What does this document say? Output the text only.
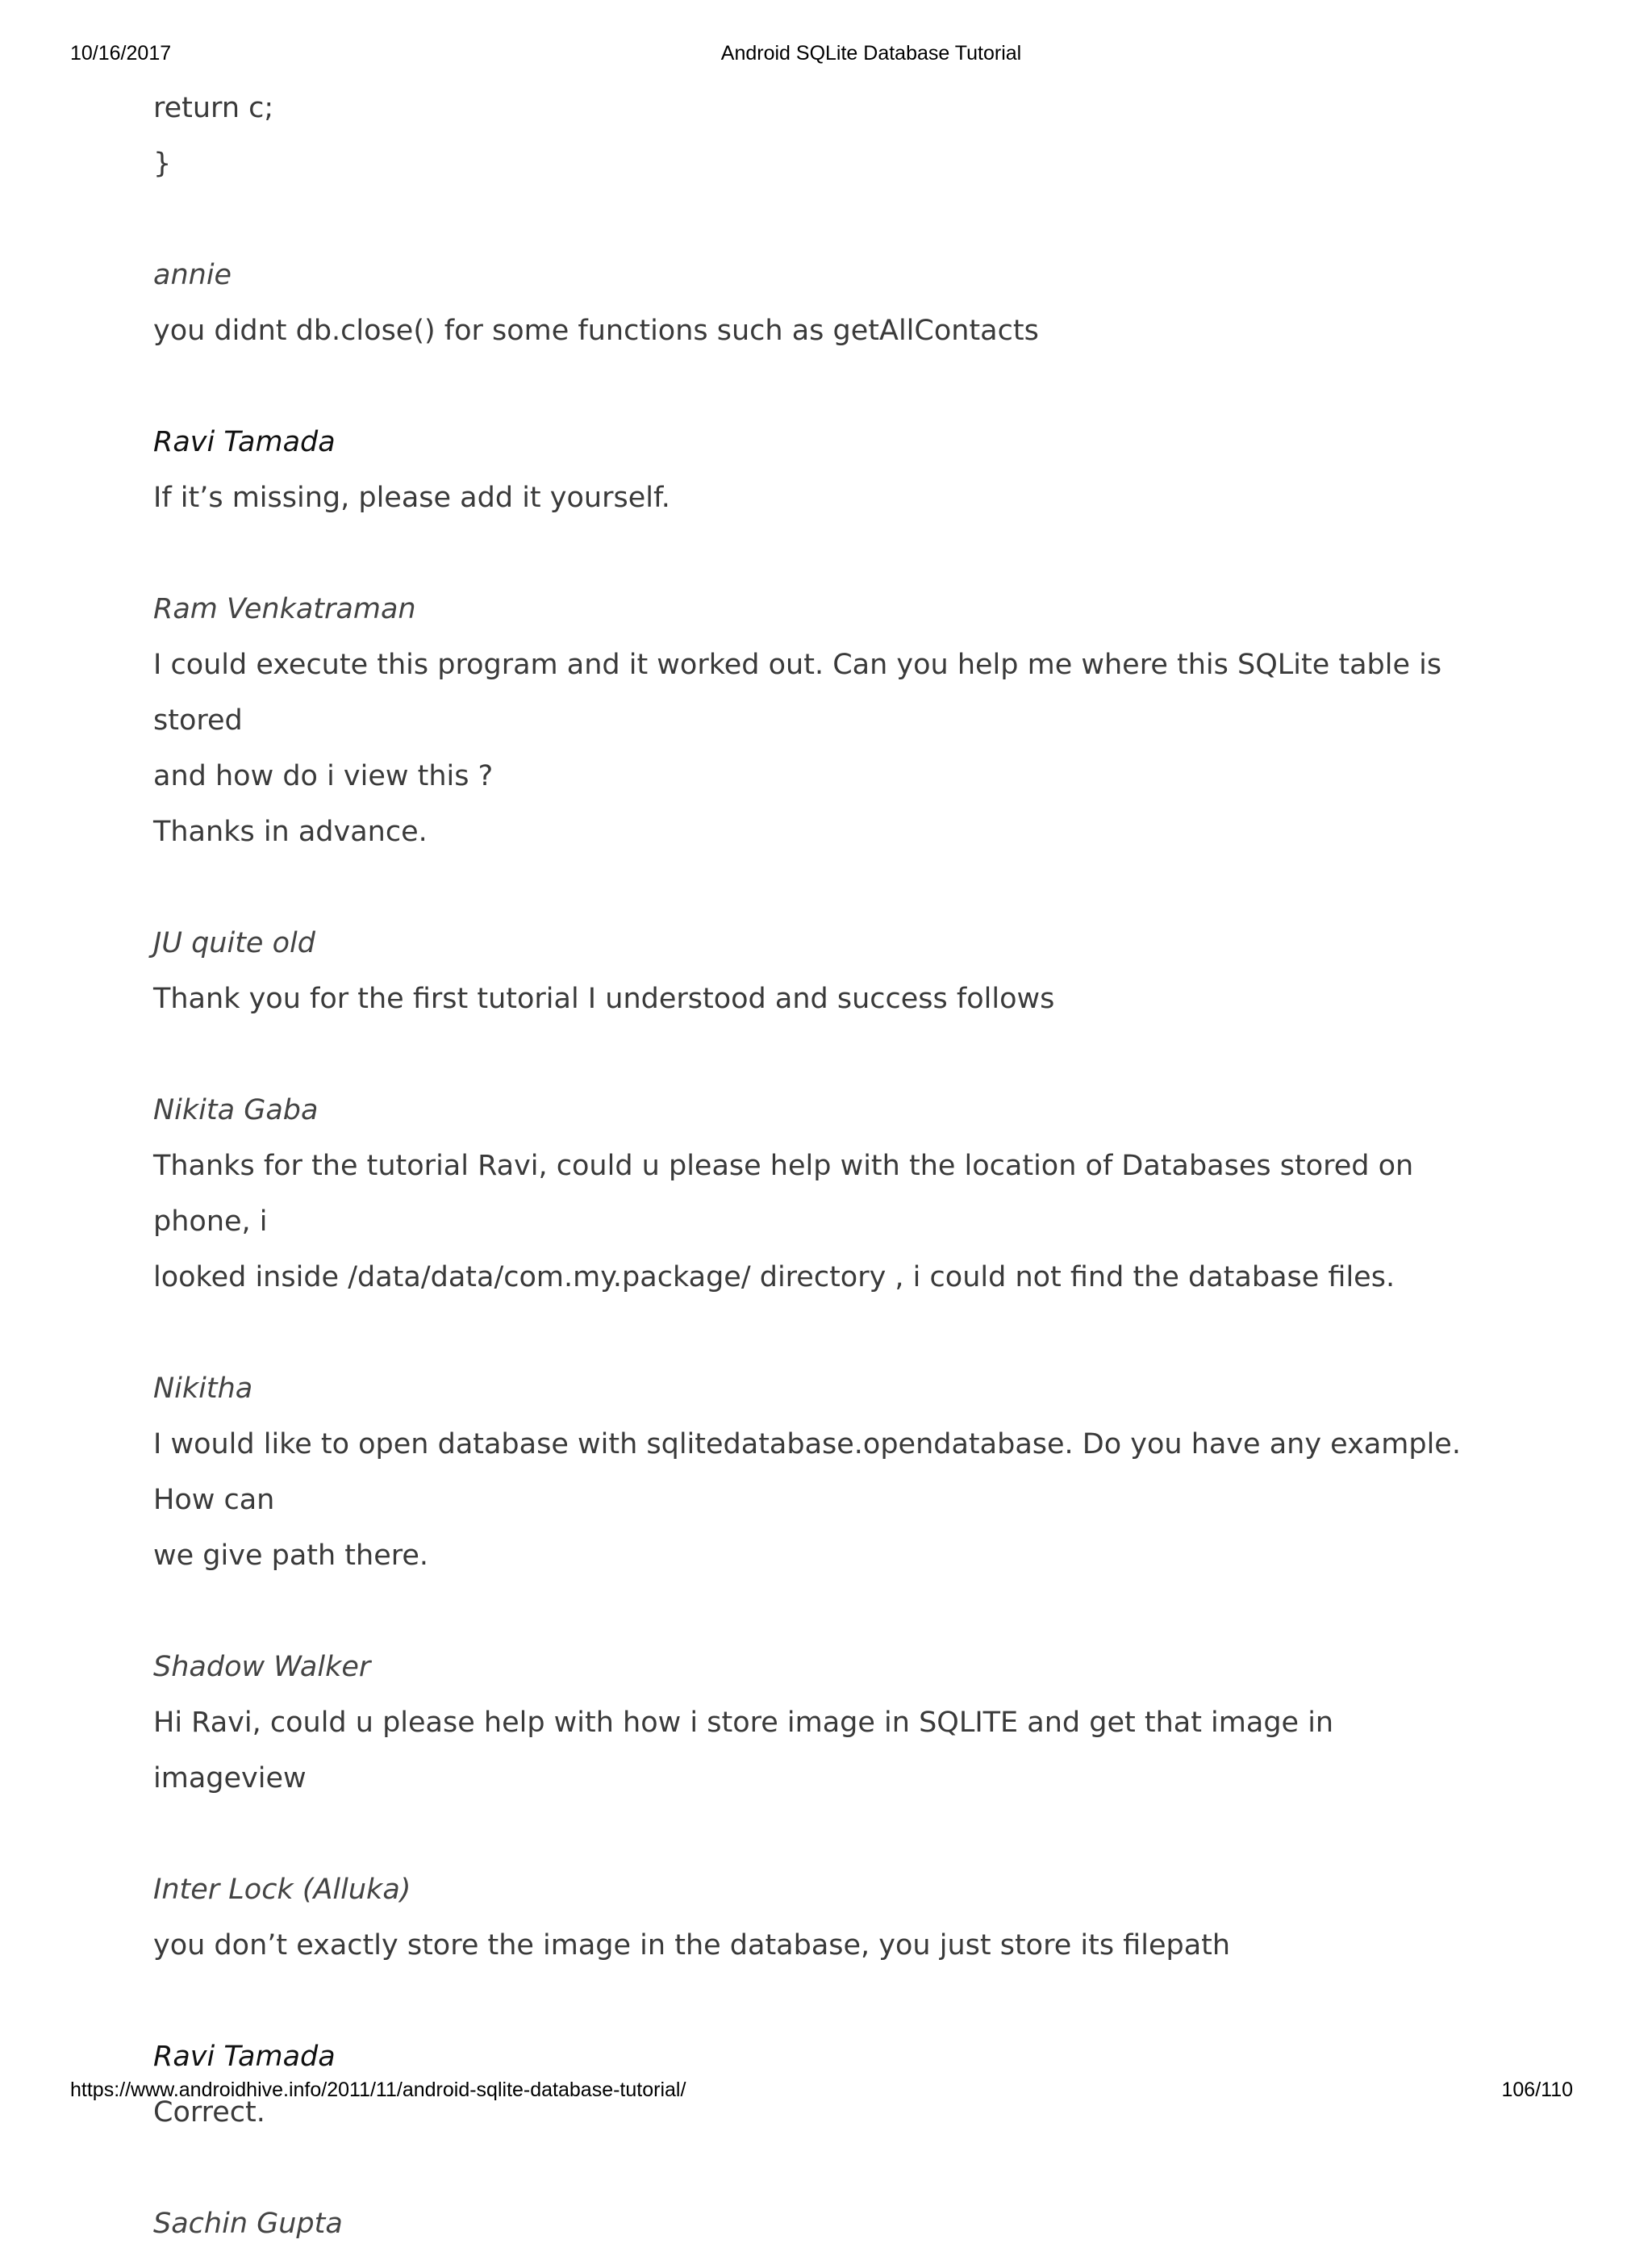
10/16/2017	Android SQLite Database Tutorial
return c;
}
annie
you didnt db.close() for some functions such as getAllContacts
Ravi Tamada
If it’s missing, please add it yourself.
Ram Venkatraman
I could execute this program and it worked out. Can you help me where this SQLite table is stored
and how do i view this ?
Thanks in advance.
JU quite old
Thank you for the first tutorial I understood and success follows
Nikita Gaba
Thanks for the tutorial Ravi, could u please help with the location of Databases stored on phone, i
looked inside /data/data/com.my.package/ directory , i could not find the database files.
Nikitha
I would like to open database with sqlitedatabase.opendatabase. Do you have any example. How can
we give path there.
Shadow Walker
Hi Ravi, could u please help with how i store image in SQLITE and get that image in imageview
Inter Lock (Alluka)
you don’t exactly store the image in the database, you just store its filepath
Ravi Tamada
Correct.
Sachin Gupta
https://www.androidhive.info/2011/11/android-sqlite-database-tutorial/	106/110
